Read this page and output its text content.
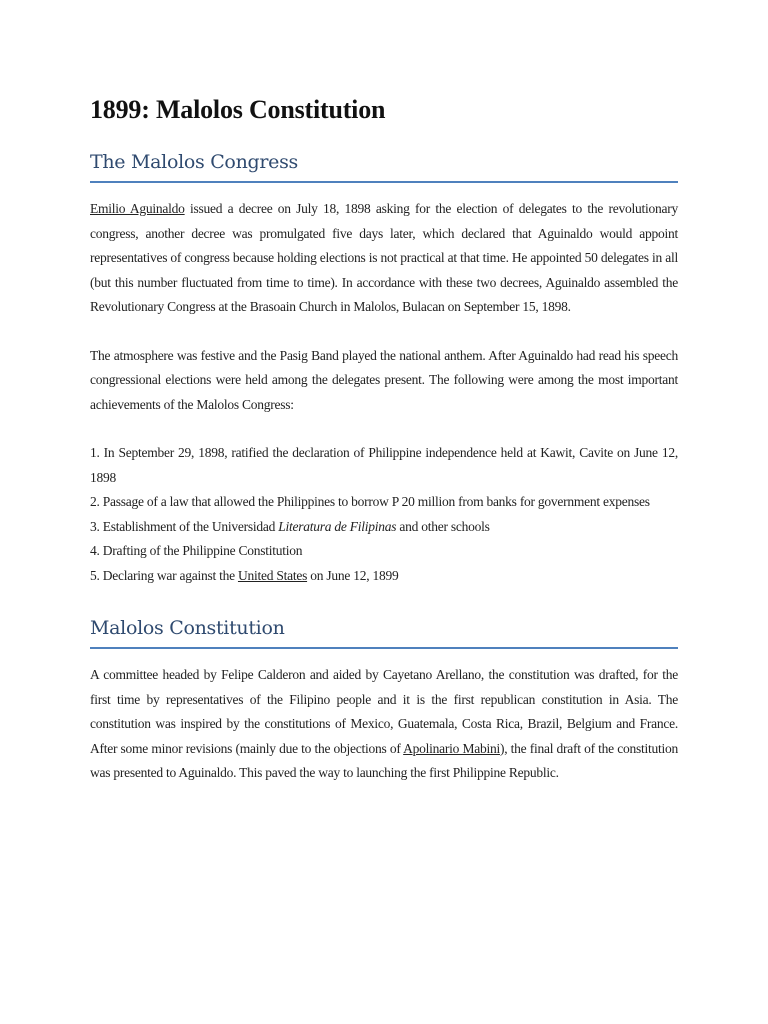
1899: Malolos Constitution
The Malolos Congress

Emilio Aguinaldo issued a decree on July 18, 1898 asking for the election of delegates to the revolutionary congress, another decree was promulgated five days later, which declared that Aguinaldo would appoint representatives of congress because holding elections is not practical at that time. He appointed 50 delegates in all (but this number fluctuated from time to time). In accordance with these two decrees, Aguinaldo assembled the Revolutionary Congress at the Brasoain Church in Malolos, Bulacan on September 15, 1898.

The atmosphere was festive and the Pasig Band played the national anthem. After Aguinaldo had read his speech congressional elections were held among the delegates present. The following were among the most important achievements of the Malolos Congress:

1. In September 29, 1898, ratified the declaration of Philippine independence held at Kawit, Cavite on June 12, 1898

2. Passage of a law that allowed the Philippines to borrow P 20 million from banks for government expenses

3. Establishment of the Universidad Literatura de Filipinas and other schools

4. Drafting of the Philippine Constitution

5. Declaring war against the United States on June 12, 1899

Malolos Constitution

A committee headed by Felipe Calderon and aided by Cayetano Arellano, the constitution was drafted, for the first time by representatives of the Filipino people and it is the first republican constitution in Asia. The constitution was inspired by the constitutions of Mexico, Guatemala, Costa Rica, Brazil, Belgium and France. After some minor revisions (mainly due to the objections of Apolinario Mabini), the final draft of the constitution was presented to Aguinaldo. This paved the way to launching the first Philippine Republic.
